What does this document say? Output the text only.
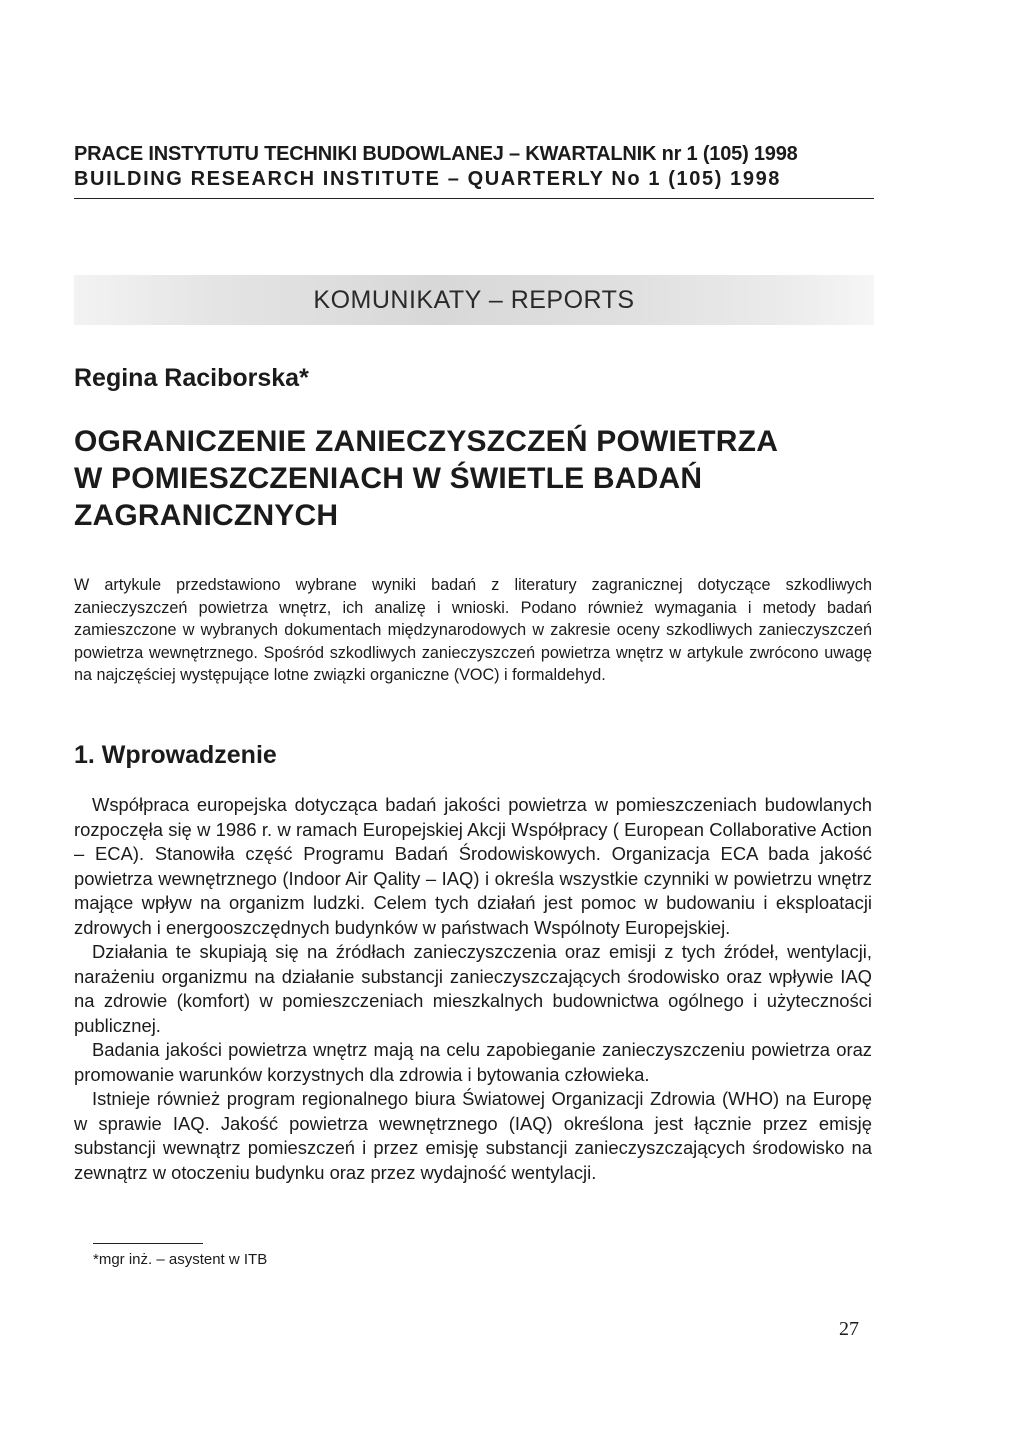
PRACE INSTYTUTU TECHNIKI BUDOWLANEJ – KWARTALNIK nr 1 (105) 1998
BUILDING RESEARCH INSTITUTE – QUARTERLY No 1 (105) 1998
KOMUNIKATY – REPORTS
Regina Raciborska*
OGRANICZENIE ZANIECZYSZCZEŃ POWIETRZA
W POMIESZCZENIACH W ŚWIETLE BADAŃ
ZAGRANICZNYCH

W artykule przedstawiono wybrane wyniki badań z literatury zagranicznej dotyczące szkodliwych zanieczyszczeń powietrza wnętrz, ich analizę i wnioski. Podano również wymagania i metody badań zamieszczone w wybranych dokumentach międzynarodowych w zakresie oceny szkodliwych zanieczyszczeń powietrza wewnętrznego. Spośród szkodliwych zanieczyszczeń powietrza wnętrz w artykule zwrócono uwagę na najczęściej występujące lotne związki organiczne (VOC) i formaldehyd.

1. Wprowadzenie

Współpraca europejska dotycząca badań jakości powietrza w pomieszczeniach budowlanych rozpoczęła się w 1986 r. w ramach Europejskiej Akcji Współpracy ( European Collaborative Action – ECA). Stanowiła część Programu Badań Środowiskowych. Organizacja ECA bada jakość powietrza wewnętrznego (Indoor Air Qality – IAQ) i określa wszystkie czynniki w powietrzu wnętrz mające wpływ na organizm ludzki. Celem tych działań jest pomoc w budowaniu i eksploatacji zdrowych i energooszczędnych budynków w państwach Wspólnoty Europejskiej.

Działania te skupiają się na źródłach zanieczyszczenia oraz emisji z tych źródeł, wentylacji, narażeniu organizmu na działanie substancji zanieczyszczających środowisko oraz wpływie IAQ na zdrowie (komfort) w pomieszczeniach mieszkalnych budownictwa ogólnego i użyteczności publicznej.

Badania jakości powietrza wnętrz mają na celu zapobieganie zanieczyszczeniu powietrza oraz promowanie warunków korzystnych dla zdrowia i bytowania człowieka.

Istnieje również program regionalnego biura Światowej Organizacji Zdrowia (WHO) na Europę w sprawie IAQ. Jakość powietrza wewnętrznego (IAQ) określona jest łącznie przez emisję substancji wewnątrz pomieszczeń i przez emisję substancji zanieczyszczających środowisko na zewnątrz w otoczeniu budynku oraz przez wydajność wentylacji.

*mgr inż. – asystent w ITB
27
